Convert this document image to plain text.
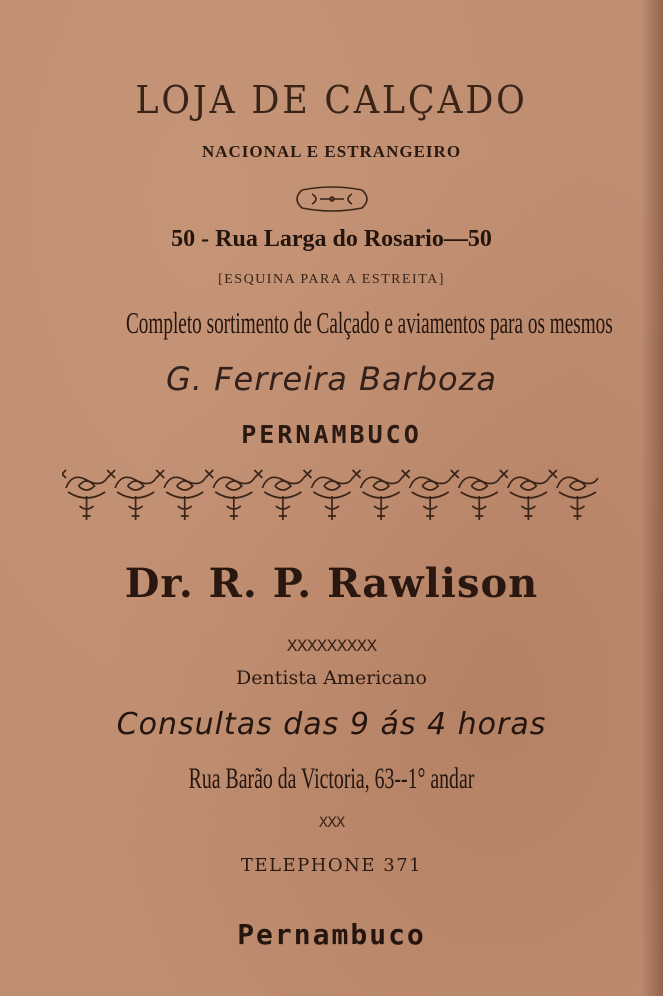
LOJA DE CALÇADO
NACIONAL E ESTRANGEIRO
50 - Rua Larga do Rosario—50
[ESQUINA PARA A ESTREITA]
Completo sortimento de Calçado e aviamentos para os mesmos
G. Ferreira Barboza
PERNAMBUCO
Dr. R. P. Rawlison
XXXXXXXXX
Dentista Americano
Consultas das 9 ás 4 horas
Rua Barão da Victoria, 63--1° andar
XXX
TELEPHONE 371
Pernambuco
